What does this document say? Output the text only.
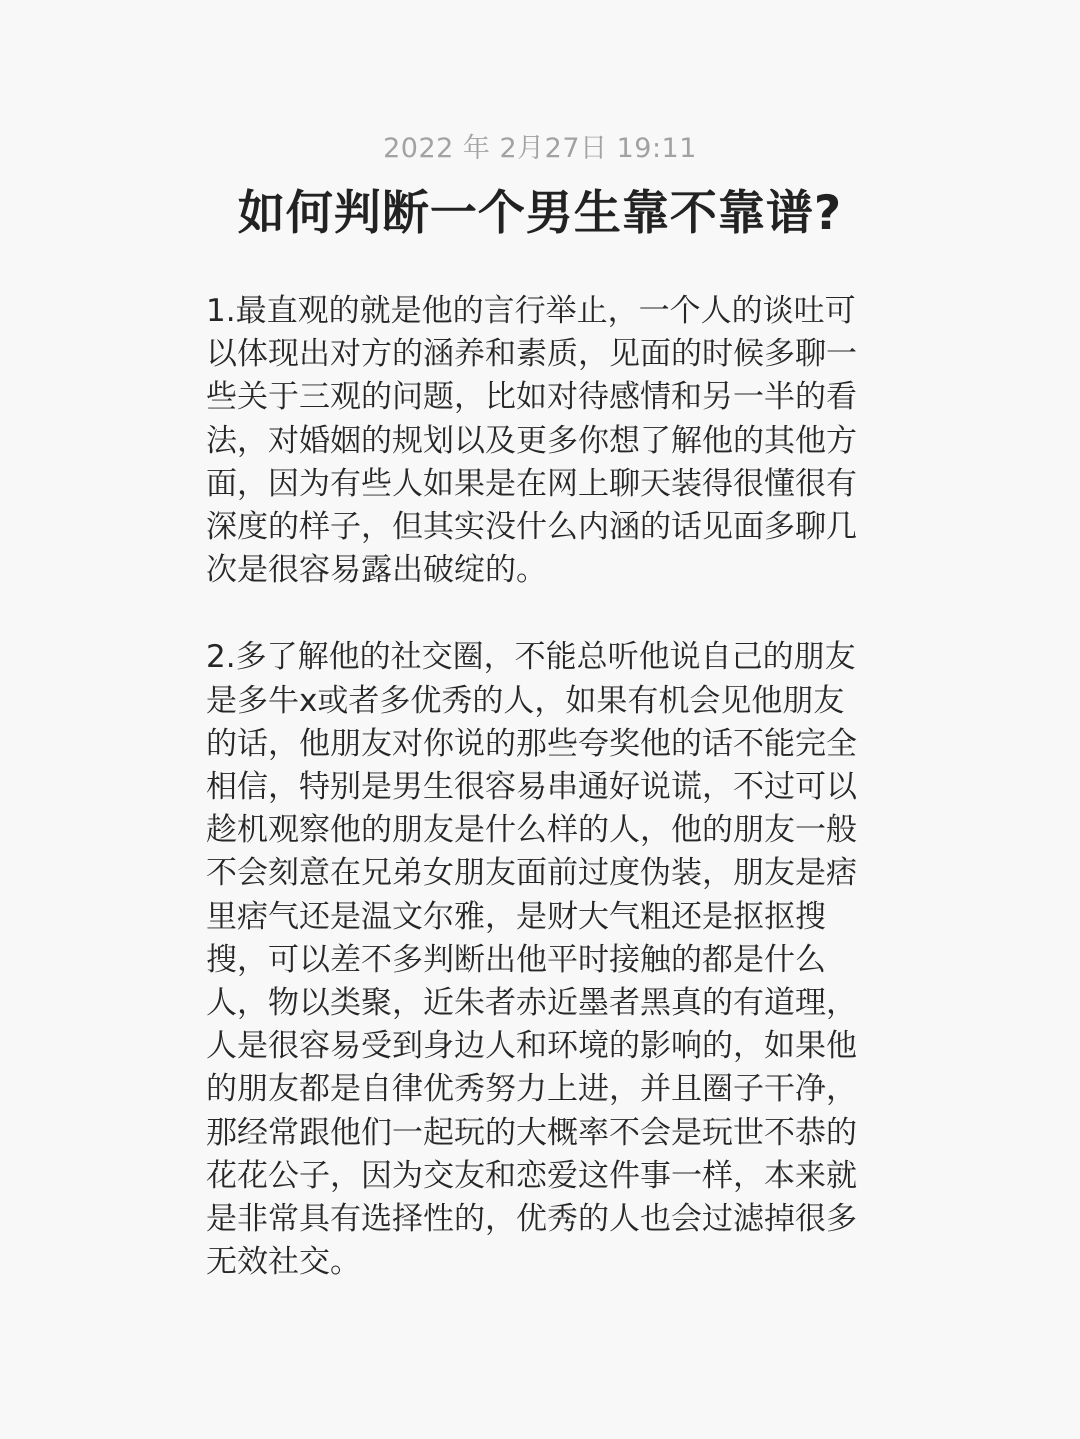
2022 年 2月27日 19:11
如何判断一个男生靠不靠谱?
1.最直观的就是他的言行举止，一个人的谈吐可
以体现出对方的涵养和素质，见面的时候多聊一
些关于三观的问题，比如对待感情和另一半的看
法，对婚姻的规划以及更多你想了解他的其他方
面，因为有些人如果是在网上聊天装得很懂很有
深度的样子，但其实没什么内涵的话见面多聊几
次是很容易露出破绽的。
2.多了解他的社交圈，不能总听他说自己的朋友
是多牛x或者多优秀的人，如果有机会见他朋友
的话，他朋友对你说的那些夸奖他的话不能完全
相信，特别是男生很容易串通好说谎，不过可以
趁机观察他的朋友是什么样的人，他的朋友一般
不会刻意在兄弟女朋友面前过度伪装，朋友是痞
里痞气还是温文尔雅，是财大气粗还是抠抠搜
搜，可以差不多判断出他平时接触的都是什么
人，物以类聚，近朱者赤近墨者黑真的有道理，
人是很容易受到身边人和环境的影响的，如果他
的朋友都是自律优秀努力上进，并且圈子干净，
那经常跟他们一起玩的大概率不会是玩世不恭的
花花公子，因为交友和恋爱这件事一样，本来就
是非常具有选择性的，优秀的人也会过滤掉很多
无效社交。
